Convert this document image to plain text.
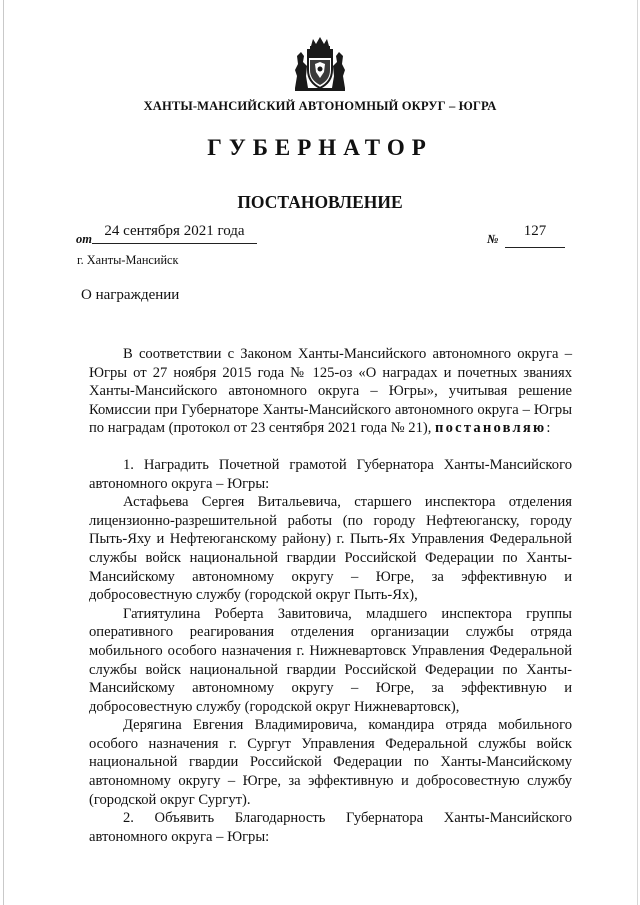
ХАНТЫ-МАНСИЙСКИЙ АВТОНОМНЫЙ ОКРУГ – ЮГРА
ГУБЕРНАТОР
ПОСТАНОВЛЕНИЕ
от 24 сентября 2021 года	№	127
г. Ханты-Мансийск
О награждении

В соответствии с Законом Ханты-Мансийского автономного округа – Югры от 27 ноября 2015 года № 125-оз «О наградах и почетных званиях Ханты-Мансийского автономного округа – Югры», учитывая решение Комиссии при Губернаторе Ханты-Мансийского автономного округа – Югры по наградам (протокол от 23 сентября 2021 года № 21), постановляю:

1. Наградить Почетной грамотой Губернатора Ханты-Мансийского автономного округа – Югры:

Астафьева Сергея Витальевича, старшего инспектора отделения лицензионно-разрешительной работы (по городу Нефтеюганску, городу Пыть-Яху и Нефтеюганскому району) г. Пыть-Ях Управления Федеральной службы войск национальной гвардии Российской Федерации по Ханты-Мансийскому автономному округу – Югре, за эффективную и добросовестную службу (городской округ Пыть-Ях),

Гатиятулина Роберта Завитовича, младшего инспектора группы оперативного реагирования отделения организации службы отряда мобильного особого назначения г. Нижневартовск Управления Федеральной службы войск национальной гвардии Российской Федерации по Ханты-Мансийскому автономному округу – Югре, за эффективную и добросовестную службу (городской округ Нижневартовск),

Дерягина Евгения Владимировича, командира отряда мобильного особого назначения г. Сургут Управления Федеральной службы войск национальной гвардии Российской Федерации по Ханты-Мансийскому автономному округу – Югре, за эффективную и добросовестную службу (городской округ Сургут).

2. Объявить Благодарность Губернатора Ханты-Мансийского автономного округа – Югры:
